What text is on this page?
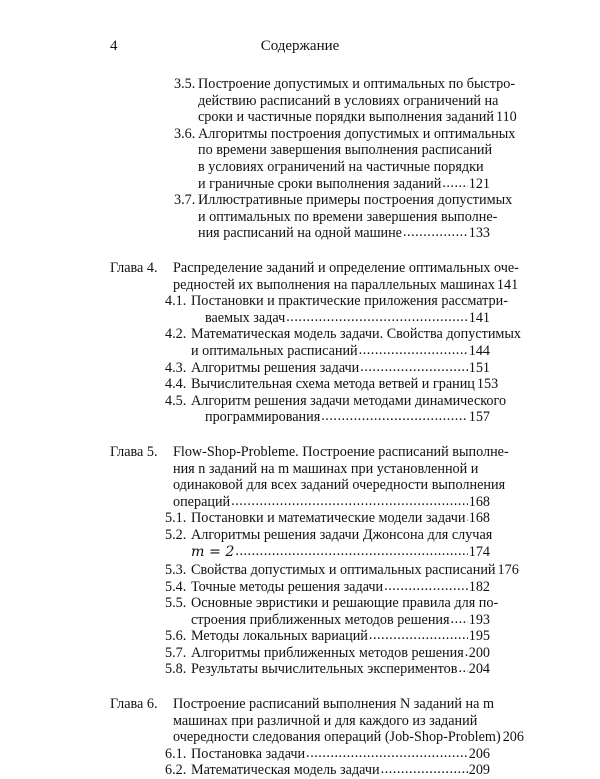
4	Содержание
3.5. Построение допустимых и оптимальных по быстро-
действию расписаний в условиях ограничений на
сроки и частичные порядки выполнения заданий 110
3.6. Алгоритмы построения допустимых и оптимальных
по времени завершения выполнения расписаний
в условиях ограничений на частичные порядки
и граничные сроки выполнения заданий ..... 121
3.7. Иллюстративные примеры построения допустимых
и оптимальных по времени завершения выполне-
ния расписаний на одной машине .....	133
Глава 4. Распределение заданий и определение оптимальных оче-
редностей их выполнения на параллельных машинах 141
4.1. Постановки и практические приложения рассматри-
ваемых задач .....	141
4.2. Математическая модель задачи. Свойства допустимых
и оптимальных расписаний .....	144
4.3. Алгоритмы решения задачи .....	151
4.4. Вычислительная схема метода ветвей и границ 153
4.5. Алгоритм решения задачи методами динамического
программирования .....	157
Глава 5. Flow-Shop-Probleme. Построение расписаний выполне-
ния n заданий на m машинах при установленной и
одинаковой для всех заданий очередности выполнения
операций .....	168
5.1. Постановки и математические модели задачи ..... 168
5.2. Алгоритмы решения задачи Джонсона для случая
m = 2 .....	174
5.3. Свойства допустимых и оптимальных расписаний 176
5.4. Точные методы решения задачи .....	182
5.5. Основные эвристики и решающие правила для по-
строения приближенных методов решения ..... 193
5.6. Методы локальных вариаций .....	195
5.7. Алгоритмы приближенных методов решения ..... 200
5.8. Результаты вычислительных экспериментов ..... 204
Глава 6. Построение расписаний выполнения N заданий на m
машинах при различной и для каждого из заданий
очередности следования операций (Job-Shop-Problem) 206
6.1. Постановка задачи .....	206
6.2. Математическая модель задачи .....	209
